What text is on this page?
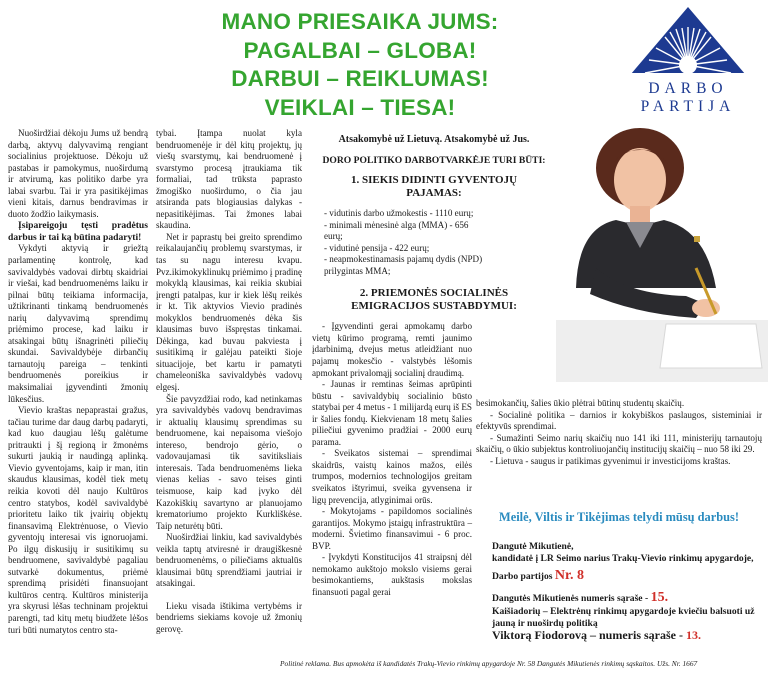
MANO PRIESAIKA JUMS:
PAGALBAI – GLOBA!
DARBUI – REIKLUMAS!
VEIKLAI – TIESA!
DARBO
PARTIJA

Nuoširdžiai dėkoju Jums už bendrą darbą, aktyvų dalyvavimą rengiant socialinius projektuose. Dėkoju už pastabas ir pamokymus, nuoširdumą ir atvirumą, kas politiko darbe yra labai svarbu. Tai ir yra pasitikėjimas vieni kitais, darnus bendravimas ir duoto žodžio laikymasis.

Įsipareigoju tęsti pradėtus darbus ir tai ką būtina padaryti!

Vykdyti aktyvią ir griežtą parlamentinę kontrolę, kad savivaldybės vadovai dirbtų skaidriai ir viešai, kad bendruomenėms laiku ir pilnai būtų teikiama informacija, užtikrinanti tinkamą bendruomenės narių dalyvavimą sprendimų priėmimo procese, kad laiku ir atsakingai būtų išnagrinėti piliečių skundai. Savivaldybėje dirbančių tarnautojų pareiga – tenkinti bendruomenės poreikius ir maksimaliai įgyvendinti žmonių lūkesčius.

Vievio kraštas nepaprastai gražus, tačiau turime dar daug darbų padaryti, kad kuo daugiau lėšų galėtume pritraukti į šį regioną ir žmonėms sukurti jaukią ir naudingą aplinką. Vievio gyventojams, kaip ir man, itin skaudus klausimas, kodėl tiek metų reikia kovoti dėl naujo Kultūros centro statybos, kodėl savivaldybė prioritetu laiko tik įvairių objektų finansavimą Elektrėnuose, o Vievio gyventojų interesai vis ignoruojami. Po ilgų diskusijų ir susitikimų su bendruomene, savivaldybė pagaliau sutvarkė dokumentus, priėmė sprendimą prisidėti finansuojant kultūros centrą. Kultūros ministerija yra skyrusi lėšas techninam projektui parengti, tad kitų metų biudžete lėšos turi būti numatytos centro sta-

tybai. Įtampa nuolat kyla bendruomenėje ir dėl kitų projektų, jų viešų svarstymų, kai bendruomenė į svarstymo procesą įtraukiama tik formaliai, tad trūksta paprasto žmogiško nuoširdumo, o čia jau atsiranda pats blogiausias dalykas - nepasitikėjimas. Tai žmones labai skaudina.

Net ir paprastų bei greito sprendimo reikalaujančių problemų svarstymas, ir tas su nagu interesu kvapu. Pvz.ikimokyklinukų priėmimo į pradinę mokyklą klausimas, kai reikia skubiai įrengti patalpas, kur ir kiek lėšų reikės ir kt. Tik aktyvios Vievio pradinės mokyklos bendruomenės dėka šis klausimas buvo išspręstas tinkamai. Dėkinga, kad buvau pakviesta į susitikimą ir galėjau pateikti šioje situacijoje, bet kartu ir pamatyti chameleoniška savivaldybės vadovų elgesį.

Šie pavyzdžiai rodo, kad netinkamas yra savivaldybės vadovų bendravimas ir aktualių klausimų sprendimas su bendruomene, kai nepaisoma viešojo intereso, bendrojo gėrio, o vadovaujamasi tik savitiksliais interesais. Tada bendruomenėms lieka vienas kelias - savo teises ginti teismuose, kaip kad įvyko dėl Kazokiškių savartyno ar planuojamo krematoriumo projekto Kurkliškėse. Taip neturėtų būti.

Nuoširdžiai linkiu, kad savivaldybės veikla taptų atviresnė ir draugiškesnė bendruomenėms, o piliečiams aktualūs klausimai būtų sprendžiami jautriai ir atsakingai.

Lieku visada ištikima vertybėms ir bendriems siekiams kovoje už žmonių gerovę.

Atsakomybė už Lietuvą. Atsakomybė už Jus.
DORO POLITIKO DARBOTVARKĖJE TURI BŪTI:
1. SIEKIS DIDINTI GYVENTOJŲ PAJAMAS:
- vidutinis darbo užmokestis - 1110 eurų;
- minimali mėnesinė alga (MMA) - 656 eurų;
- vidutinė pensija - 422 eurų;
- neapmokestinamasis pajamų dydis (NPD) prilygintas MMA;
2. PRIEMONĖS SOCIALINĖS EMIGRACIJOS SUSTABDYMUI:

- Įgyvendinti gerai apmokamų darbo vietų kūrimo programą, remti jaunimo įdarbinimą, dvejus metus atleidžiant nuo pajamų mokesčio - valstybės lėšomis apmokant privalomąjį socialinį draudimą.

- Jaunas ir remtinas šeimas aprūpinti būstu - savivaldybių socialinio būsto statybai per 4 metus - 1 milijardą eurų iš ES ir šalies fondų. Kiekvienam 18 metų šalies piliečiui gyvenimo pradžiai - 2000 eurų parama.

- Sveikatos sistemai – sprendimai skaidrūs, vaistų kainos mažos, eilės trumpos, modernios technologijos greitam sveikatos ištyrimui, sveika gyvensena ir ligų prevencija, atlyginimai orūs.

- Mokytojams - papildomos socialinės garantijos. Mokymo įstaigų infrastruktūra – moderni. Švietimo finansavimui - 6 proc. BVP.

- Įvykdyti Konstitucijos 41 straipsnį dėl nemokamo aukštojo mokslo visiems gerai besimokantiems, aukštasis mokslas finansuoti pagal gerai

besimokančių, šalies ūkio plėtrai būtinų studentų skaičių.

- Socialinė politika – darnios ir kokybiškos paslaugos, sisteminiai ir efektyvūs sprendimai.

- Sumažinti Seimo narių skaičių nuo 141 iki 111, ministerijų tarnautojų skaičių, o ūkio subjektus kontroliuojančių institucijų skaičių – nuo 58 iki 29.

- Lietuva - saugus ir patikimas gyvenimui ir investicijoms kraštas.

Meilė, Viltis ir Tikėjimas telydi mūsų darbus!
Dangutė Mikutienė,
kandidatė į LR Seimo narius Trakų-Vievio rinkimų apygardoje,
Darbo partijos Nr. 8
Dangutės Mikutienės numeris sąraše - 15.
Kaišiadorių – Elektrėnų rinkimų apygardoje kviečiu balsuoti už jauną ir nuoširdų politiką
Viktorą Fiodorovą – numeris sąraše - 13.
Politinė reklama. Bus apmokėta iš kandidatės Trakų-Vievio rinkimų apygardoje Nr. 58 Dangutės Mikutienės rinkimų sąskaitos. Užs. Nr. 1667
